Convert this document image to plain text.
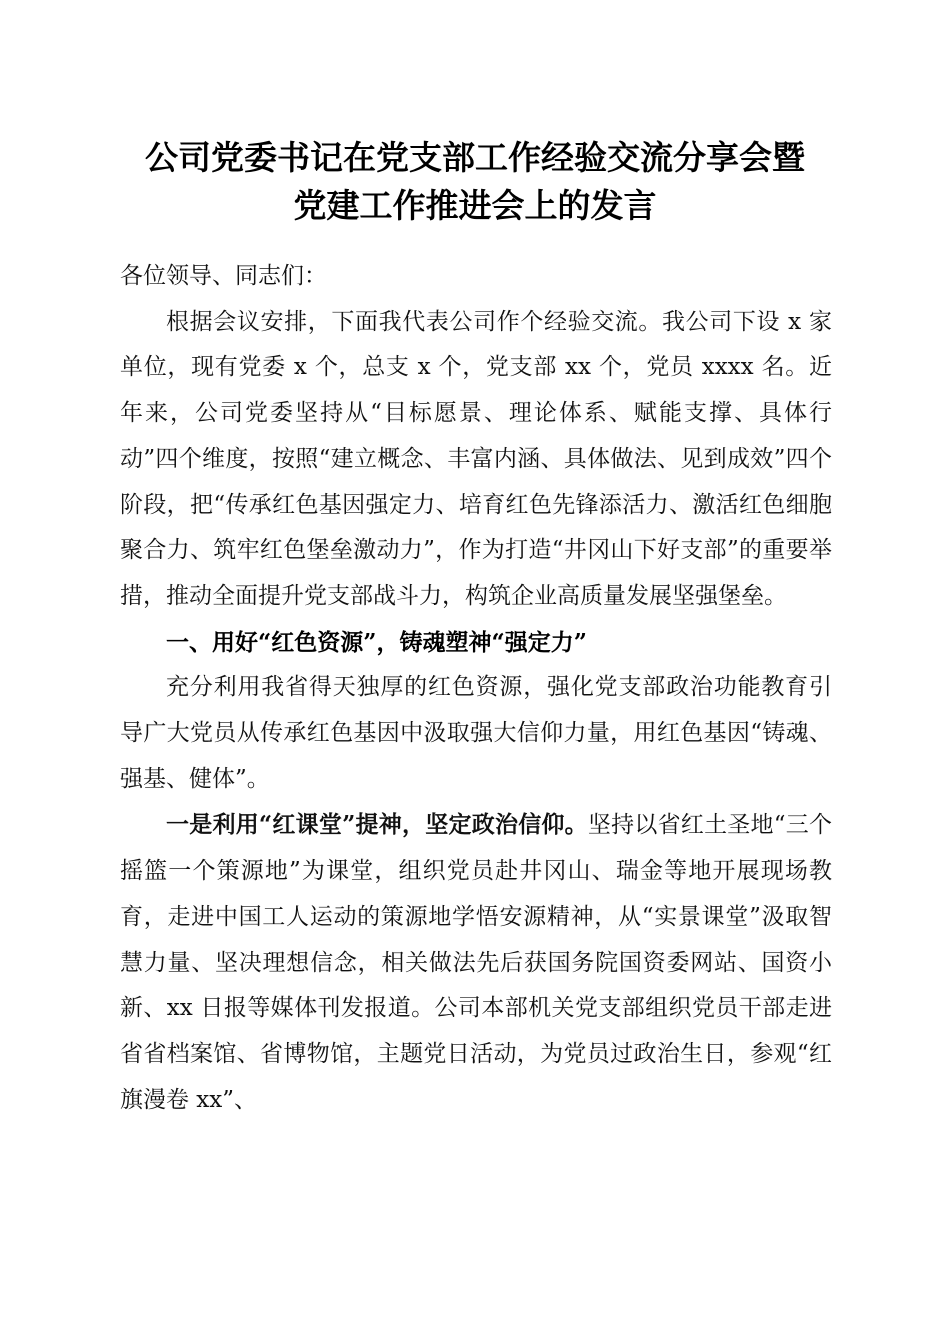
公司党委书记在党支部工作经验交流分享会暨
党建工作推进会上的发言

各位领导、同志们：

根据会议安排，下面我代表公司作个经验交流。我公司下设 x 家单位，现有党委 x 个，总支 x 个，党支部 xx 个，党员 xxxx 名。近年来，公司党委坚持从“目标愿景、理论体系、赋能支撑、具体行动”四个维度，按照“建立概念、丰富内涵、具体做法、见到成效”四个阶段，把“传承红色基因强定力、培育红色先锋添活力、激活红色细胞聚合力、筑牢红色堡垒激动力”，作为打造“井冈山下好支部”的重要举措，推动全面提升党支部战斗力，构筑企业高质量发展坚强堡垒。

一、用好“红色资源”，铸魂塑神“强定力”

充分利用我省得天独厚的红色资源，强化党支部政治功能教育引导广大党员从传承红色基因中汲取强大信仰力量，用红色基因“铸魂、强基、健体”。

一是利用“红课堂”提神，坚定政治信仰。坚持以省红土圣地“三个摇篮一个策源地”为课堂，组织党员赴井冈山、瑞金等地开展现场教育，走进中国工人运动的策源地学悟安源精神，从“实景课堂”汲取智慧力量、坚决理想信念，相关做法先后获国务院国资委网站、国资小新、xx 日报等媒体刊发报道。公司本部机关党支部组织党员干部走进省省档案馆、省博物馆，主题党日活动，为党员过政治生日，参观“红旗漫卷 xx”、
